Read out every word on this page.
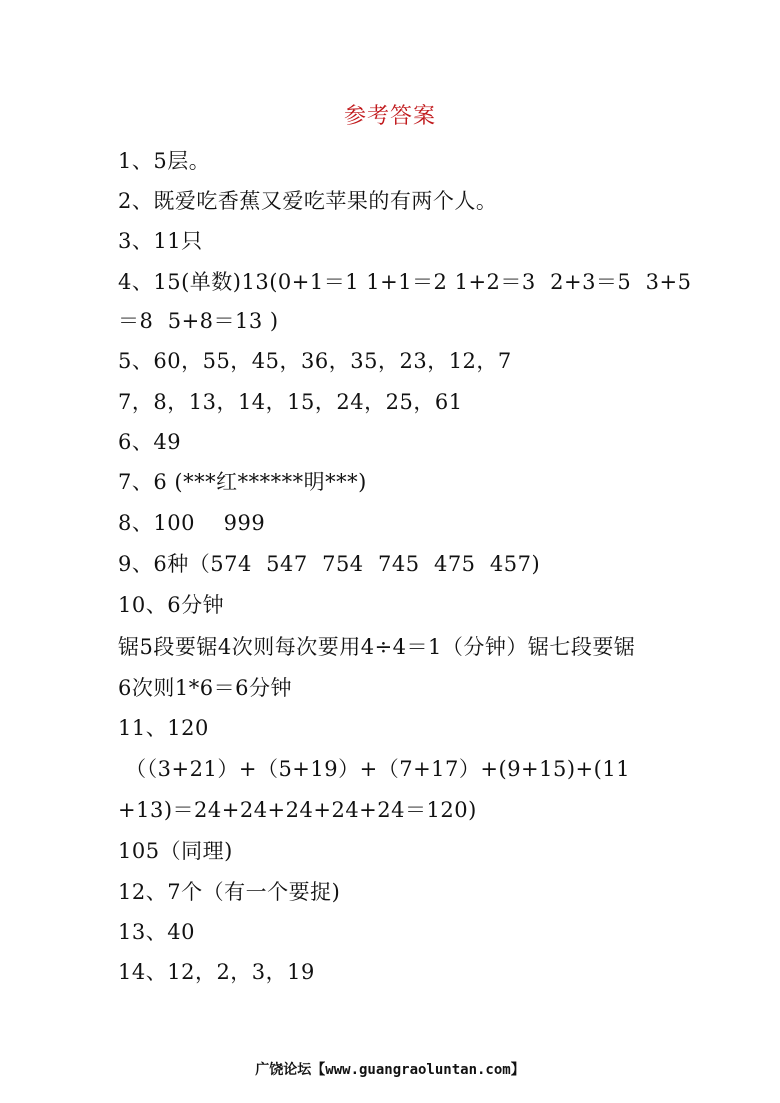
参考答案
1、5层。
2、既爱吃香蕉又爱吃苹果的有两个人。
3、11只
4、15(单数)13(0+1＝1 1+1＝2 1+2＝3  2+3＝5  3+5
＝8  5+8＝13 )
5、60，55，45，36，35，23，12，7
7，8，13，14，15，24，25，61
6、49
7、6 (***红******明***)
8、100    999
9、6种（574  547  754  745  475  457)
10、6分钟
锯5段要锯4次则每次要用4÷4＝1（分钟）锯七段要锯
6次则1*6＝6分钟
11、120
（（3+21）+（5+19）+（7+17）+(9+15)+(11
+13)＝24+24+24+24+24＝120)
105（同理)
12、7个（有一个要捉)
13、40
14、12，2，3，19
广饶论坛【www.guangraoluntan.com】
